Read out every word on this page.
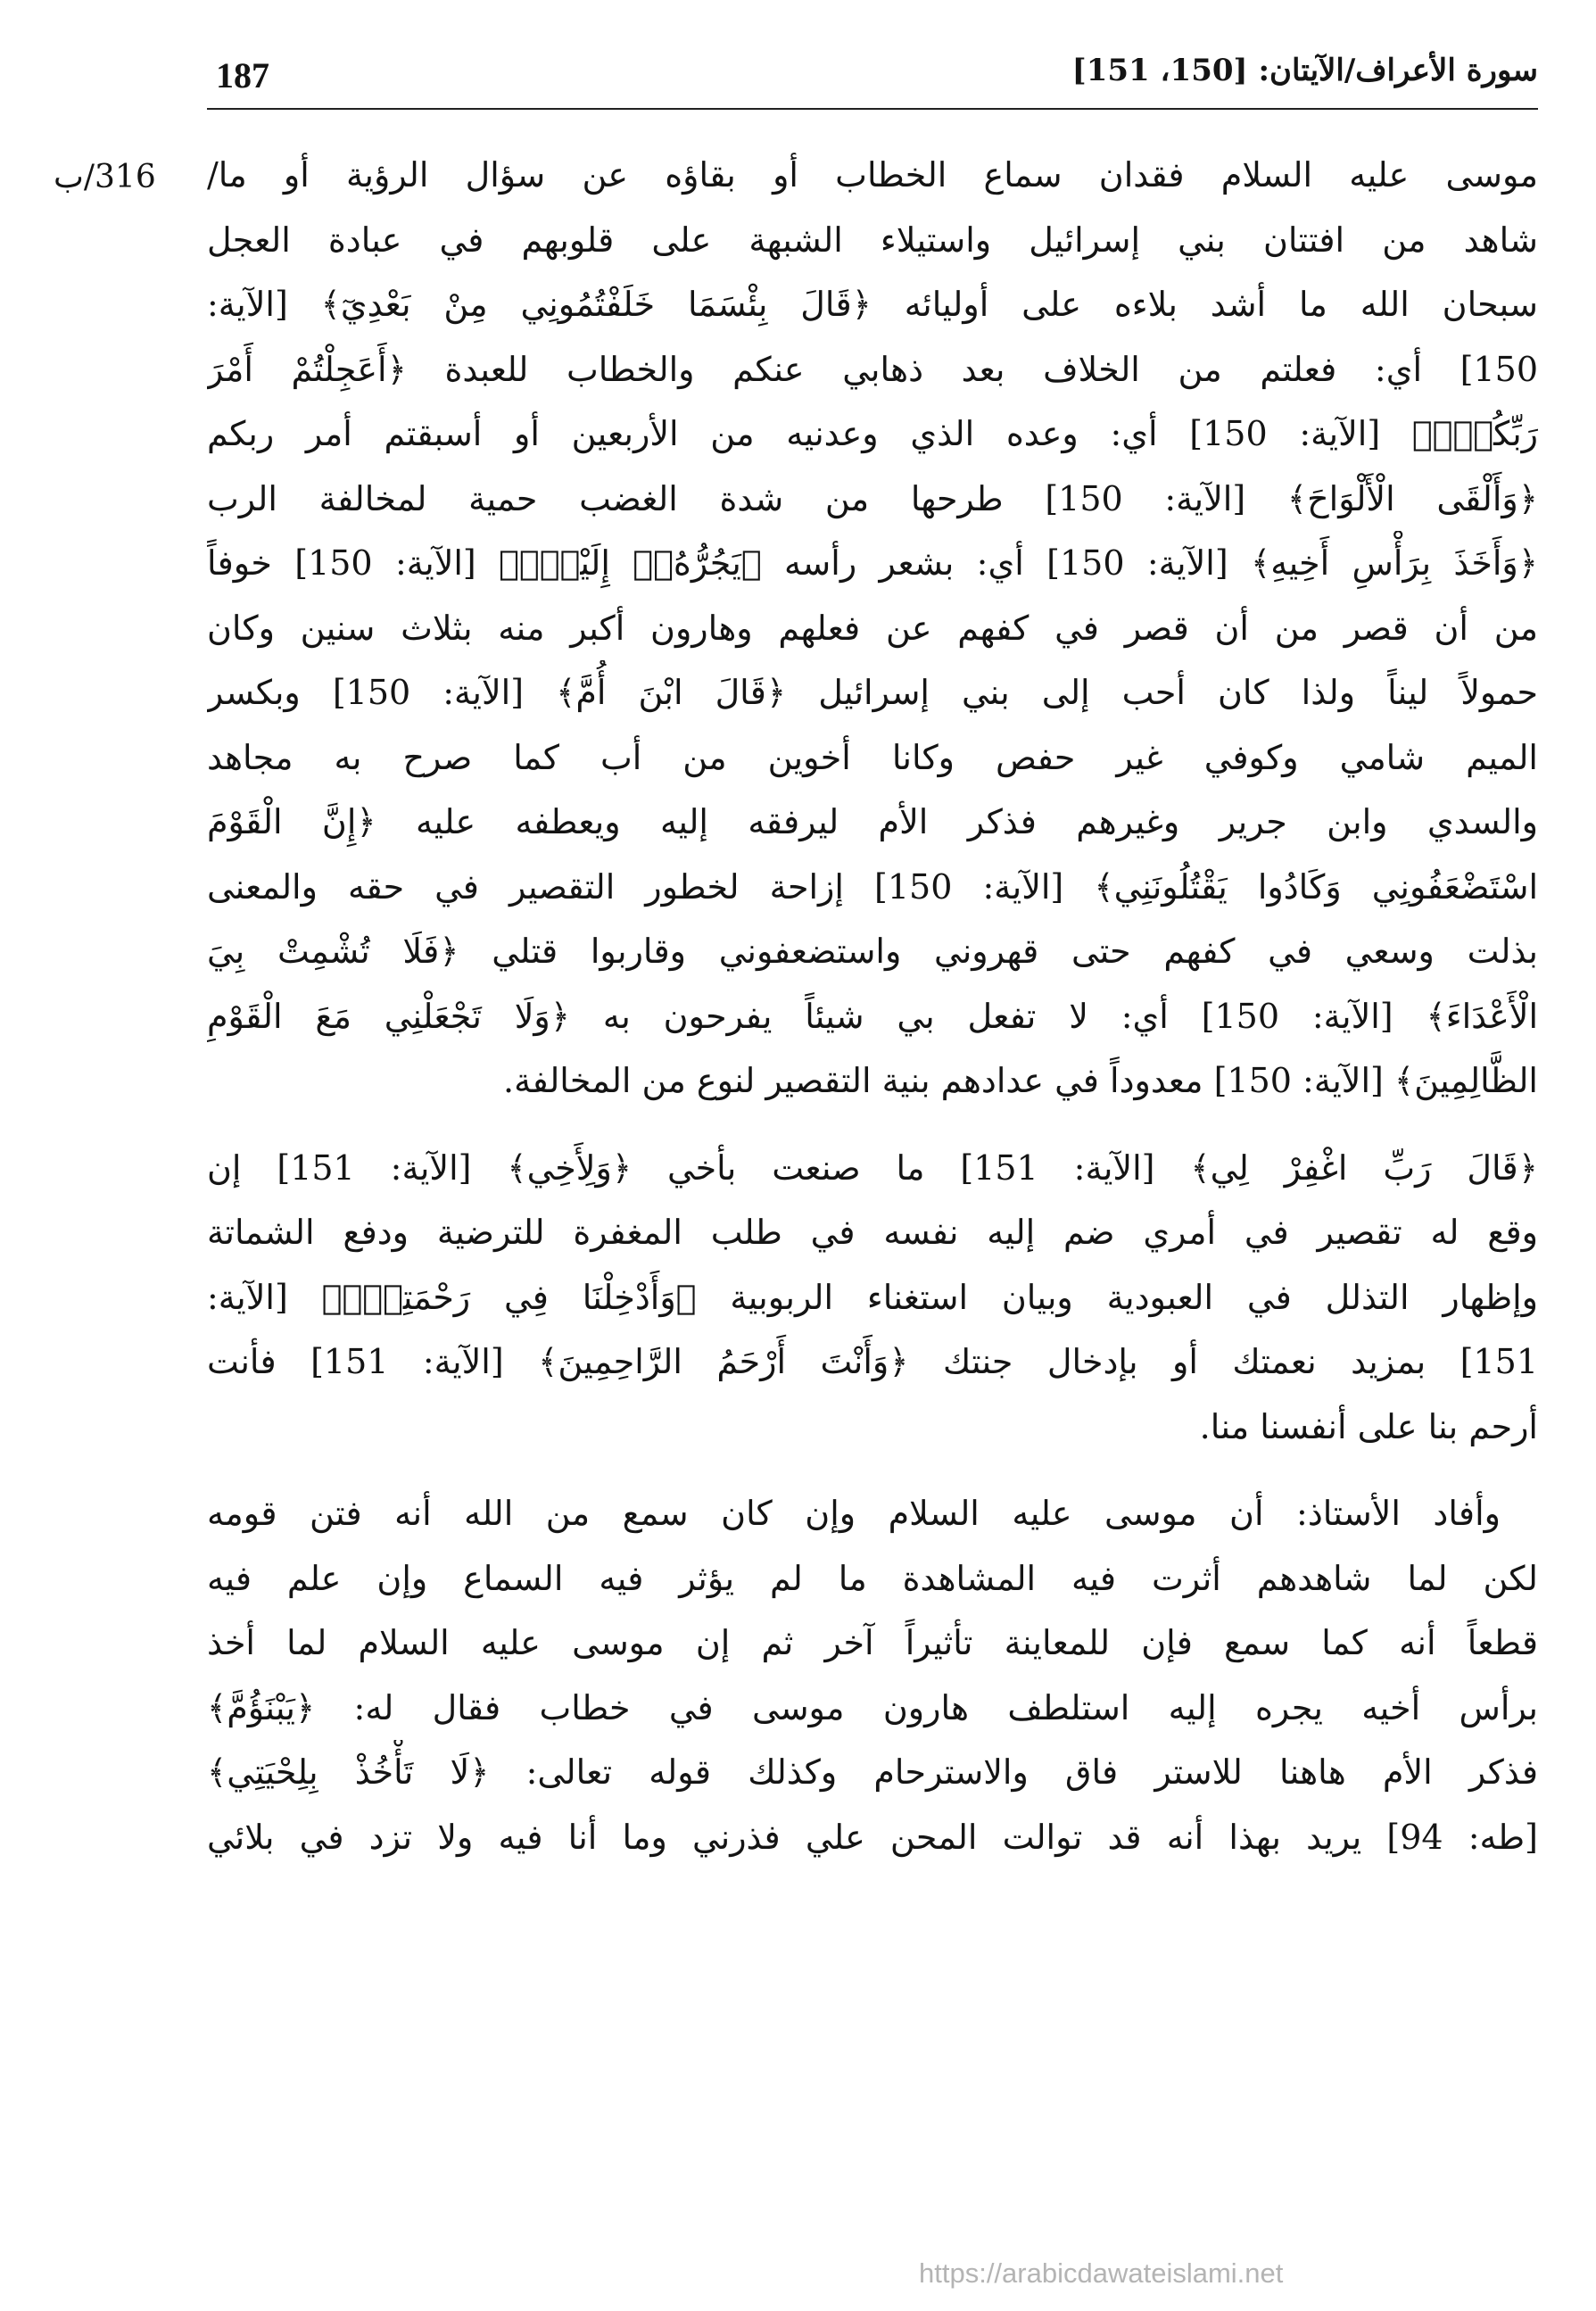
187	سورة الأعراف/الآيتان: [150، 151]
316/ب موسى عليه السلام فقدان سماع الخطاب أو بقاؤه عن سؤال الرؤية أو ما/
شاهد من افتتان بني إسرائيل واستيلاء الشبهة على قلوبهم في عبادة العجل
سبحان الله ما أشد بلاءه على أوليائه ﴿قَالَ بِئْسَمَا خَلَفْتُمُونِي مِنْ بَعْدِيٓ﴾ [الآية:
150] أي: فعلتم من الخلاف بعد ذهابي عنكم والخطاب للعبدة ﴿أَعَجِلْتُمْ أَمْرَ
رَبِّكُمْۖ﴾ [الآية: 150] أي: وعده الذي وعدنيه من الأربعين أو أسبقتم أمر ربكم
﴿وَأَلْقَى الْأَلْوَاحَ﴾ [الآية: 150] طرحها من شدة الغضب حمية لمخالفة الرب
﴿وَأَخَذَ بِرَأْسِ أَخِيهِ﴾ [الآية: 150] أي: بشعر رأسه ﴿يَجُرُّهُۥٓ إِلَيْهِۚ﴾ [الآية: 150] خوفاً
من أن قصر من أن قصر في كفهم عن فعلهم وهارون أكبر منه بثلاث سنين وكان
حمولاً ليناً ولذا كان أحب إلى بني إسرائيل ﴿قَالَ ابْنَ أُمَّ﴾ [الآية: 150] وبكسر
الميم شامي وكوفي غير حفص وكانا أخوين من أب كما صرح به مجاهد
والسدي وابن جرير وغيرهم فذكر الأم ليرفقه إليه ويعطفه عليه ﴿إِنَّ الْقَوْمَ
اسْتَضْعَفُونِي وَكَادُوا يَقْتُلُونَنِي﴾ [الآية: 150] إزاحة لخطور التقصير في حقه والمعنى
بذلت وسعي في كفهم حتى قهروني واستضعفوني وقاربوا قتلي ﴿فَلَا تُشْمِتْ بِيَ
الْأَعْدَاءَ﴾ [الآية: 150] أي: لا تفعل بي شيئاً يفرحون به ﴿وَلَا تَجْعَلْنِي مَعَ الْقَوْمِ
الظَّالِمِينَ﴾ [الآية: 150] معدوداً في عدادهم بنية التقصير لنوع من المخالفة.

﴿قَالَ رَبِّ اغْفِرْ لِي﴾ [الآية: 151] ما صنعت بأخي ﴿وَلِأَخِي﴾ [الآية: 151] إن
وقع له تقصير في أمري ضم إليه نفسه في طلب المغفرة للترضية ودفع الشماتة
وإظهار التذلل في العبودية وبيان استغناء الربوبية ﴿وَأَدْخِلْنَا فِي رَحْمَتِكَۖ﴾ [الآية:
151] بمزيد نعمتك أو بإدخال جنتك ﴿وَأَنْتَ أَرْحَمُ الرَّاحِمِينَ﴾ [الآية: 151] فأنت
أرحم بنا على أنفسنا منا.

وأفاد الأستاذ: أن موسى عليه السلام وإن كان سمع من الله أنه فتن قومه
لكن لما شاهدهم أثرت فيه المشاهدة ما لم يؤثر فيه السماع وإن علم فيه
قطعاً أنه كما سمع فإن للمعاينة تأثيراً آخر ثم إن موسى عليه السلام لما أخذ
برأس أخيه يجره إليه استلطف هارون موسى في خطاب فقال له: ﴿يَبْنَؤُمَّ﴾
فذكر الأم هاهنا للاستر فاق والاسترحام وكذلك قوله تعالى: ﴿لَا تَأْخُذْ بِلِحْيَتِي﴾
[طه: 94] يريد بهذا أنه قد توالت المحن علي فذرني وما أنا فيه ولا تزد في بلائي

https://arabicdawateislami.net
